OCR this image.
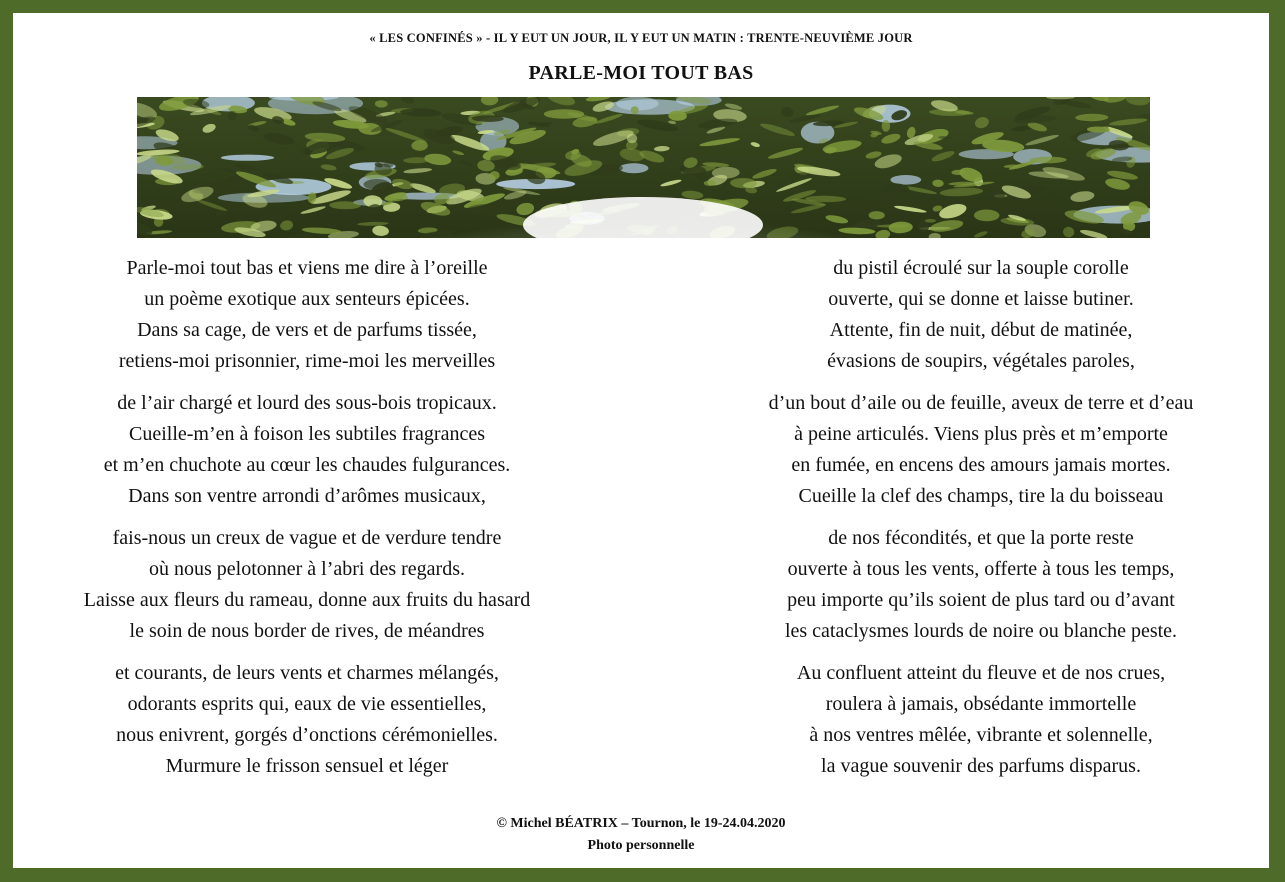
« LES CONFINÉS » - IL Y EUT UN JOUR, IL Y EUT UN MATIN : TRENTE-NEUVIÈME JOUR
PARLE-MOI TOUT BAS
Parle-moi tout bas et viens me dire à l’oreille
un poème exotique aux senteurs épicées.
Dans sa cage, de vers et de parfums tissée,
retiens-moi prisonnier, rime-moi les merveilles
de l’air chargé et lourd des sous-bois tropicaux.
Cueille-m’en à foison les subtiles fragrances
et m’en chuchote au cœur les chaudes fulgurances.
Dans son ventre arrondi d’arômes musicaux,
fais-nous un creux de vague et de verdure tendre
où nous pelotonner à l’abri des regards.
Laisse aux fleurs du rameau, donne aux fruits du hasard
le soin de nous border de rives, de méandres
et courants, de leurs vents et charmes mélangés,
odorants esprits qui, eaux de vie essentielles,
nous enivrent, gorgés d’onctions cérémonielles.
Murmure le frisson sensuel et léger
du pistil écroulé sur la souple corolle
ouverte, qui se donne et laisse butiner.
Attente, fin de nuit, début de matinée,
évasions de soupirs, végétales paroles,
d’un bout d’aile ou de feuille, aveux de terre et d’eau
à peine articulés. Viens plus près et m’emporte
en fumée, en encens des amours jamais mortes.
Cueille la clef des champs, tire la du boisseau
de nos fécondités, et que la porte reste
ouverte à tous les vents, offerte à tous les temps,
peu importe qu’ils soient de plus tard ou d’avant
les cataclysmes lourds de noire ou blanche peste.
Au confluent atteint du fleuve et de nos crues,
roulera à jamais, obsédante immortelle
à nos ventres mêlée, vibrante et solennelle,
la vague souvenir des parfums disparus.
© Michel BÉATRIX – Tournon, le 19-24.04.2020
Photo personnelle
